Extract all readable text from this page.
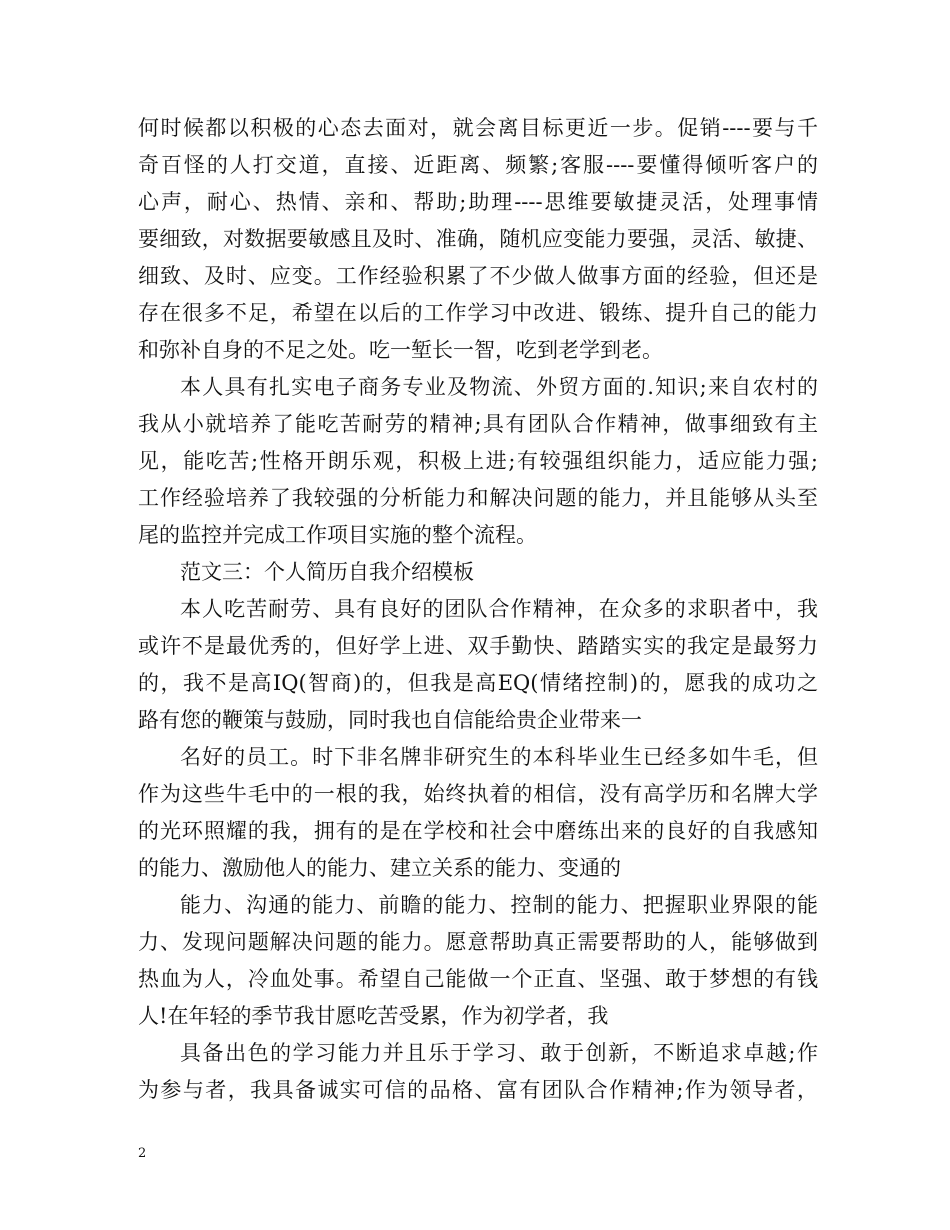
何时候都以积极的心态去面对，就会离目标更近一步。促销----要与千
奇百怪的人打交道，直接、近距离、频繁;客服----要懂得倾听客户的
心声，耐心、热情、亲和、帮助;助理----思维要敏捷灵活，处理事情
要细致，对数据要敏感且及时、准确，随机应变能力要强，灵活、敏捷、
细致、及时、应变。工作经验积累了不少做人做事方面的经验，但还是
存在很多不足，希望在以后的工作学习中改进、锻练、提升自己的能力
和弥补自身的不足之处。吃一堑长一智，吃到老学到老。
本人具有扎实电子商务专业及物流、外贸方面的.知识;来自农村的
我从小就培养了能吃苦耐劳的精神;具有团队合作精神，做事细致有主
见，能吃苦;性格开朗乐观，积极上进;有较强组织能力，适应能力强;
工作经验培养了我较强的分析能力和解决问题的能力，并且能够从头至
尾的监控并完成工作项目实施的整个流程。
范文三：个人简历自我介绍模板
本人吃苦耐劳、具有良好的团队合作精神，在众多的求职者中，我
或许不是最优秀的，但好学上进、双手勤快、踏踏实实的我定是最努力
的，我不是高IQ(智商)的，但我是高EQ(情绪控制)的，愿我的成功之
路有您的鞭策与鼓励，同时我也自信能给贵企业带来一
名好的员工。时下非名牌非研究生的本科毕业生已经多如牛毛，但
作为这些牛毛中的一根的我，始终执着的相信，没有高学历和名牌大学
的光环照耀的我，拥有的是在学校和社会中磨练出来的良好的自我感知
的能力、激励他人的能力、建立关系的能力、变通的
能力、沟通的能力、前瞻的能力、控制的能力、把握职业界限的能
力、发现问题解决问题的能力。愿意帮助真正需要帮助的人，能够做到
热血为人，冷血处事。希望自己能做一个正直、坚强、敢于梦想的有钱
人!在年轻的季节我甘愿吃苦受累，作为初学者，我
具备出色的学习能力并且乐于学习、敢于创新，不断追求卓越;作
为参与者，我具备诚实可信的品格、富有团队合作精神;作为领导者，
2
